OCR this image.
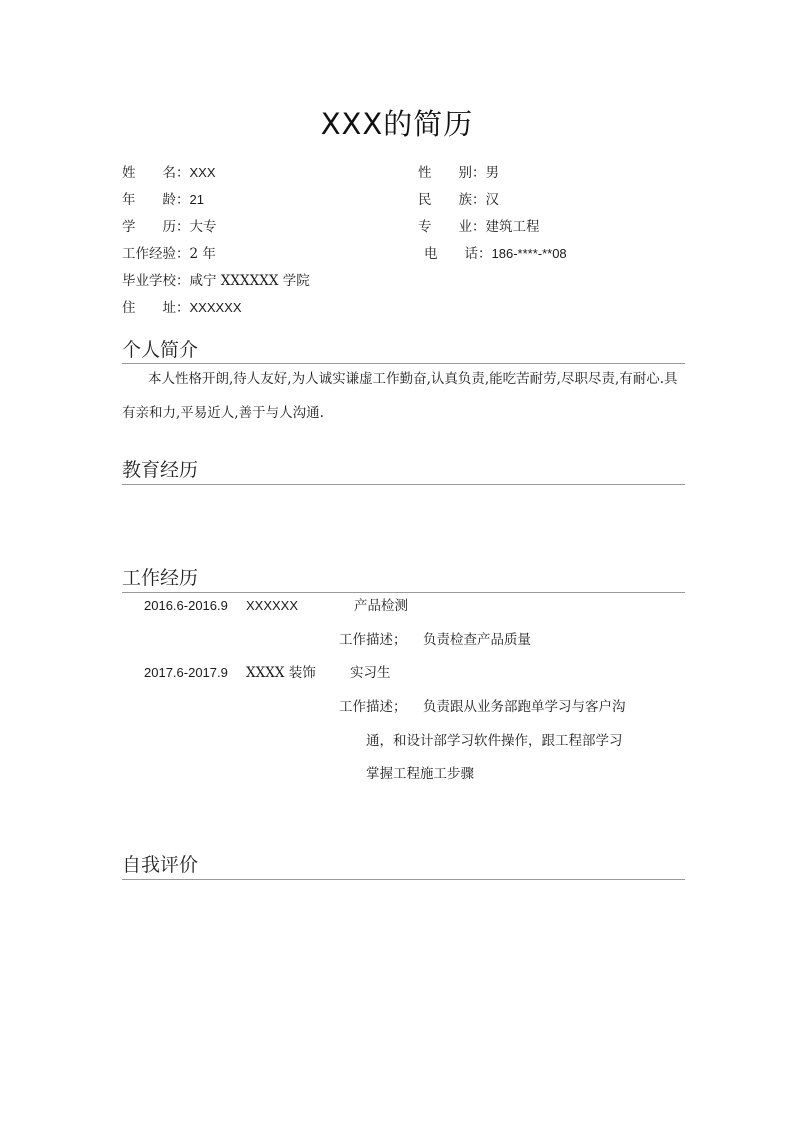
XXX的简历
姓　　名：XXX
年　　龄：21
学　　历：大专
工作经验：2 年
毕业学校：咸宁 XXXXXX 学院
住　　址：XXXXXX
性　　别：男
民　　族：汉
专　　业：建筑工程
电　　话：186-****-**08
个人简介
本人性格开朗,待人友好,为人诚实谦虚工作勤奋,认真负责,能吃苦耐劳,尽职尽责,有耐心.具有亲和力,平易近人,善于与人沟通.
教育经历
工作经历
2016.6-2016.9 XXXXXX	产品检测
工作描述； 负责检查产品质量
2017.6-2017.9 XXXX 装饰	实习生
工作描述； 负责跟从业务部跑单学习与客户沟
通，和设计部学习软件操作，跟工程部学习
掌握工程施工步骤
自我评价
